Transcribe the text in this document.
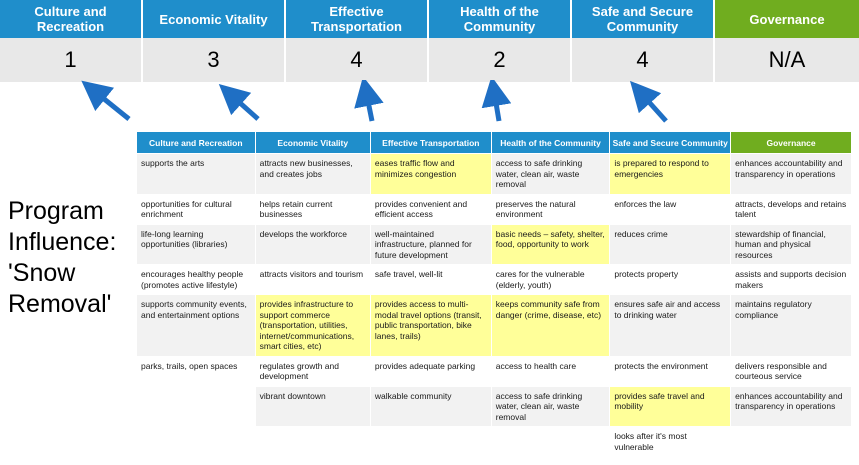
Culture and Recreation
1
Economic Vitality
3
Effective Transportation
4
Health of the Community
2
Safe and Secure Community
4
Governance
N/A
Program Influence: 'Snow Removal'
Culture and Recreation	Economic Vitality	Effective Transportation	Health of the Community	Safe and Secure Community	Governance
supports the arts	attracts new businesses, and creates jobs	eases traffic flow and minimizes congestion	access to safe drinking water, clean air, waste removal	is prepared to respond to emergencies	enhances accountability and transparency in operations
opportunities for cultural enrichment	helps retain current businesses	provides convenient and efficient access	preserves the natural environment	enforces the law	attracts, develops and retains talent
life-long learning opportunities (libraries)	develops the workforce	well-maintained infrastructure, planned for future development	basic needs – safety, shelter, food, opportunity to work	reduces crime	stewardship of financial, human and physical resources
encourages healthy people (promotes active lifestyle)	attracts visitors and tourism	safe travel, well-lit	cares for the vulnerable (elderly, youth)	protects property	assists and supports decision makers
supports community events, and entertainment options	provides infrastructure to support commerce (transportation, utilities, internet/communications, smart cities, etc)	provides access to multi-modal travel options (transit, public transportation, bike lanes, trails)	keeps community safe from danger (crime, disease, etc)	ensures safe air and access to drinking water	maintains regulatory compliance
parks, trails, open spaces	regulates growth and development	provides adequate parking	access to health care	protects the environment	delivers responsible and courteous service
	vibrant downtown	walkable community	access to safe drinking water, clean air, waste removal	provides safe travel and mobility	enhances accountability and transparency in operations
				looks after it's most vulnerable	
